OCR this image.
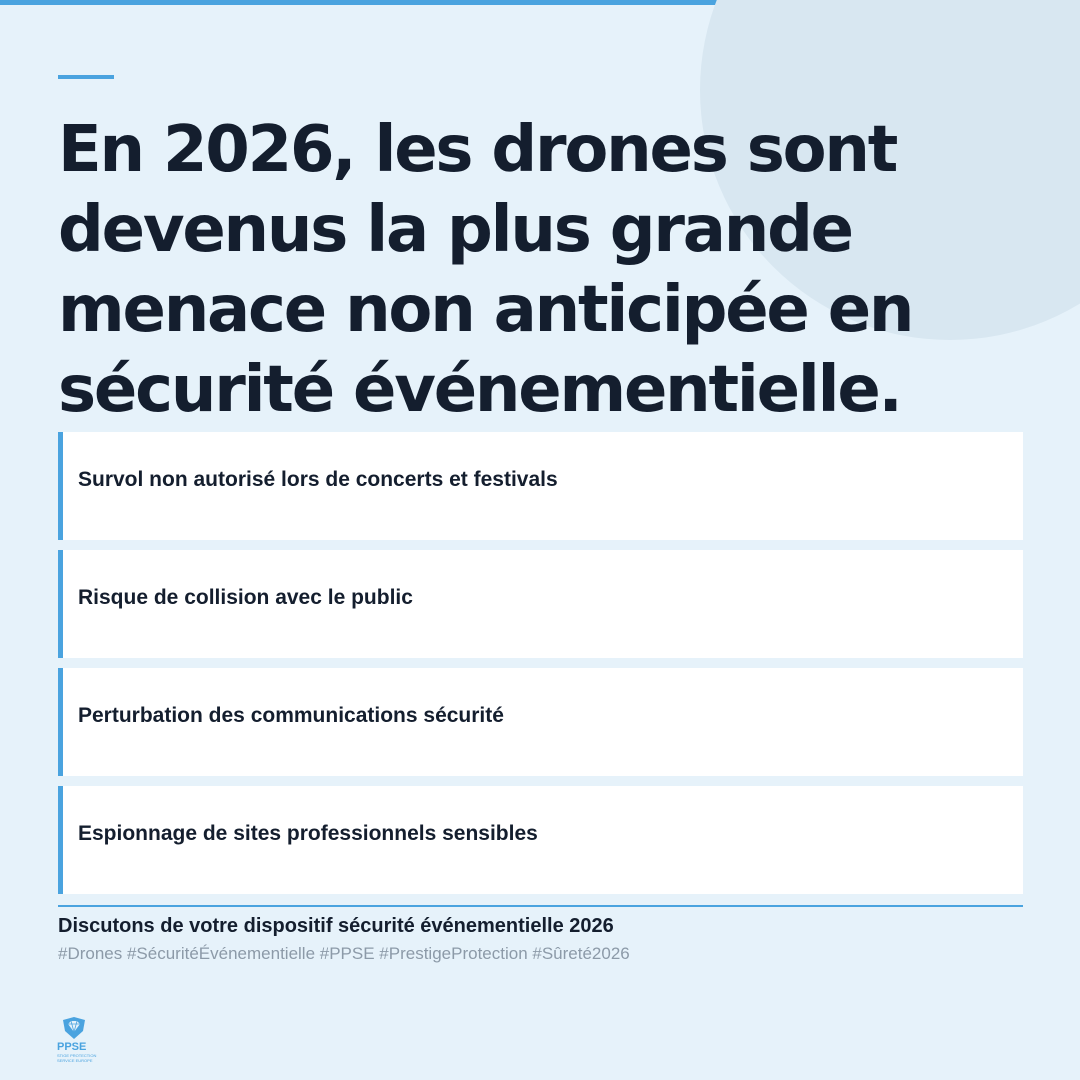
En 2026, les drones sont devenus la plus grande menace non anticipée en sécurité événementielle.
Survol non autorisé lors de concerts et festivals
Risque de collision avec le public
Perturbation des communications sécurité
Espionnage de sites professionnels sensibles

Discutons de votre dispositif sécurité événementielle 2026

#Drones #SécuritéÉvénementielle #PPSE #PrestigeProtection #Sûreté2026

PPSE
STIGE PROTECTION SERVICE EUROPE
